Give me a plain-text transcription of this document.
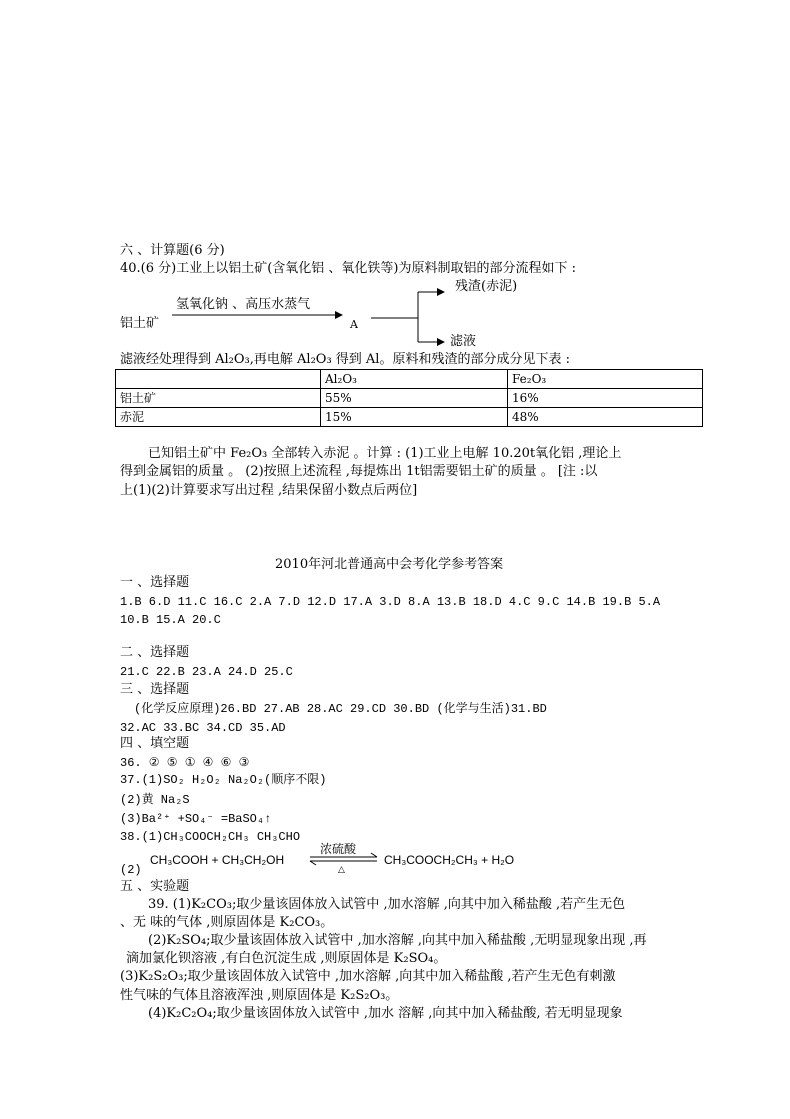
六 、计算题(6 分)
40.(6 分)工业上以铝土矿(含氧化铝 、氧化铁等)为原料制取铝的部分流程如下 :
氢氧化钠 、高压水蒸气
铝土矿	A
残渣(赤泥)
滤液
滤液经处理得到 Al₂O₃,再电解 Al₂O₃ 得到 Al。原料和残渣的部分成分见下表 :
	Al₂O₃	Fe₂O₃
铝土矿	55%	16%
赤泥	15%	48%
已知铝土矿中 Fe₂O₃ 全部转入赤泥 。计算 : (1)工业上电解 10.20t氧化铝 ,理论上
得到金属铝的质量 。 (2)按照上述流程 ,每提炼出 1t铝需要铝土矿的质量 。 [注 :以
上(1)(2)计算要求写出过程 ,结果保留小数点后两位]
2010年河北普通高中会考化学参考答案
一 、选择题
1.B 6.D 11.C 16.C 2.A 7.D 12.D 17.A 3.D 8.A 13.B 18.D 4.C 9.C 14.B 19.B 5.A
10.B 15.A 20.C
二 、选择题
21.C 22.B 23.A 24.D 25.C
三 、选择题
(化学反应原理)26.BD 27.AB 28.AC 29.CD 30.BD (化学与生活)31.BD
32.AC 33.BC 34.CD 35.AD
四 、填空题
36. ② ⑤ ① ④ ⑥ ③
37.(1)SO₂ H₂O₂ Na₂O₂(顺序不限)
(2)黄 Na₂S
(3)Ba²⁺ +SO₄⁻ =BaSO₄↑
38.(1)CH₃COOCH₂CH₃ CH₃CHO
(2)
CH₃COOH + CH₃CH₂OH
浓硫酸
△
CH₃COOCH₂CH₃ + H₂O
五 、实验题
39. (1)K₂CO₃;取少量该固体放入试管中 ,加水溶解 ,向其中加入稀盐酸 ,若产生无色
、无 味的气体 ,则原固体是 K₂CO₃。
(2)K₂SO₄;取少量该固体放入试管中 ,加水溶解 ,向其中加入稀盐酸 ,无明显现象出现 ,再
滴加氯化钡溶液 ,有白色沉淀生成 ,则原固体是 K₂SO₄。
(3)K₂S₂O₃;取少量该固体放入试管中 ,加水溶解 ,向其中加入稀盐酸 ,若产生无色有刺激
性气味的气体且溶液浑浊 ,则原固体是 K₂S₂O₃。
(4)K₂C₂O₄;取少量该固体放入试管中 ,加水 溶解 ,向其中加入稀盐酸, 若无明显现象
